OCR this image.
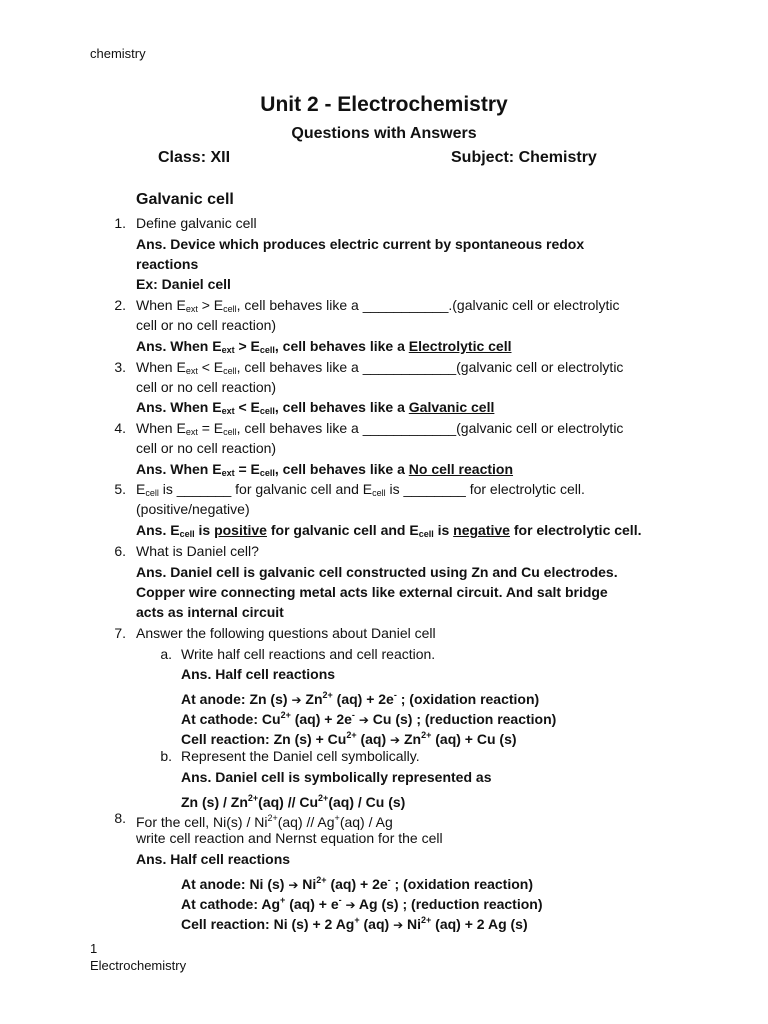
chemistry
Unit 2 - Electrochemistry
Questions with Answers
Class: XII	Subject: Chemistry
Galvanic cell
1. Define galvanic cell
Ans. Device which produces electric current by spontaneous redox
reactions
Ex: Daniel cell
2. When $E_{ext} > E_{cell}$, cell behaves like a ___________.(galvanic cell or electrolytic
cell or no cell reaction)
Ans. When $E_{ext} > E_{cell}$, cell behaves like a Electrolytic cell
3. When $E_{ext} < E_{cell}$, cell behaves like a ____________(galvanic cell or electrolytic
cell or no cell reaction)
Ans. When $E_{ext} < E_{cell}$, cell behaves like a Galvanic cell
4. When $E_{ext} = E_{cell}$, cell behaves like a ____________(galvanic cell or electrolytic
cell or no cell reaction)
Ans. When $E_{ext} = E_{cell}$, cell behaves like a No cell reaction
5. $E_{cell}$ is _______ for galvanic cell and $E_{cell}$ is ________ for electrolytic cell.
(positive/negative)
Ans. $E_{cell}$ is positive for galvanic cell and $E_{cell}$ is negative for electrolytic cell.
6. What is Daniel cell?
Ans. Daniel cell is galvanic cell constructed using Zn and Cu electrodes.
Copper wire connecting metal acts like external circuit. And salt bridge
acts as internal circuit
7. Answer the following questions about Daniel cell
a. Write half cell reactions and cell reaction.
Ans. Half cell reactions
At anode: Zn (s) ➔ $Zn^{2+}$ (aq) + 2e- ; (oxidation reaction)
At cathode: $Cu^{2+}$ (aq) + 2e- ➔ Cu (s) ; (reduction reaction)
Cell reaction: Zn $(s) + Cu^{2+}$ (aq) ➔ $Zn^{2+}$ (aq) + Cu (s)
b. Represent the Daniel cell symbolically.
Ans. Daniel cell is symbolically represented as
Zn $(s) / Zn^{2+}(aq) // Cu^{2+}(aq)$ / Cu (s)
8. For the cell, $Ni(s) / Ni^{2+}(aq) // Ag^+(aq)$ / Ag
write cell reaction and Nernst equation for the cell
Ans. Half cell reactions
At anode: Ni (s) ➔ $Ni^{2+}$ (aq) + 2e- ; (oxidation reaction)
At cathode: Ag+ (aq) + e- ➔ Ag (s) ; (reduction reaction)
Cell reaction: Ni (s) + 2 Ag+ (aq) ➔ $Ni^{2+}$ (aq) + 2 Ag (s)
1
Electrochemistry
